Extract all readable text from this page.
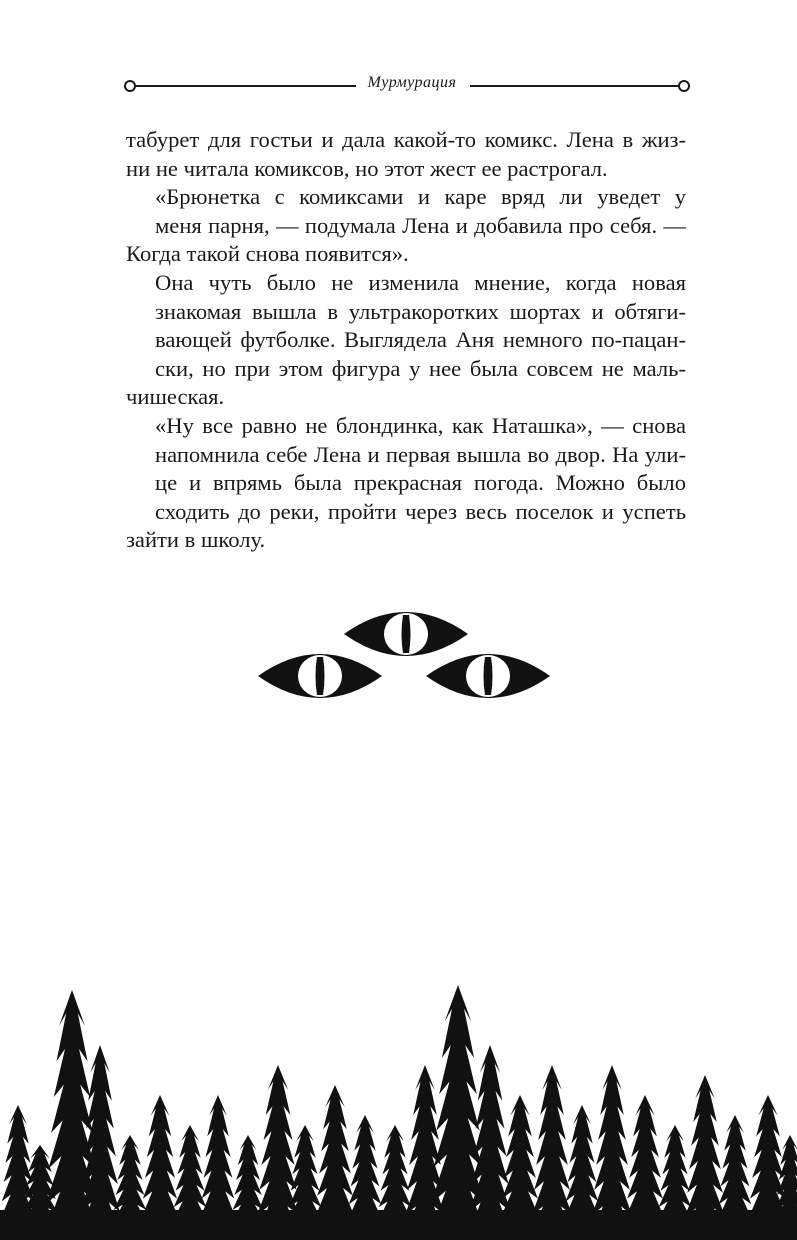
Мурмурация

табурет для гостьи и дала какой-то комикс. Лена в жиз-
ни не читала комиксов, но этот жест ее растрогал.

«Брюнетка с комиксами и каре вряд ли уведет у
меня парня, — подумала Лена и добавила про себя. —
Когда такой снова появится».

Она чуть было не изменила мнение, когда новая
знакомая вышла в ультракоротких шортах и обтяги-
вающей футболке. Выглядела Аня немного по-пацан-
ски, но при этом фигура у нее была совсем не маль-
чишеская.

«Ну все равно не блондинка, как Наташка», — снова
напомнила себе Лена и первая вышла во двор. На ули-
це и впрямь была прекрасная погода. Можно было
сходить до реки, пройти через весь поселок и успеть
зайти в школу.
